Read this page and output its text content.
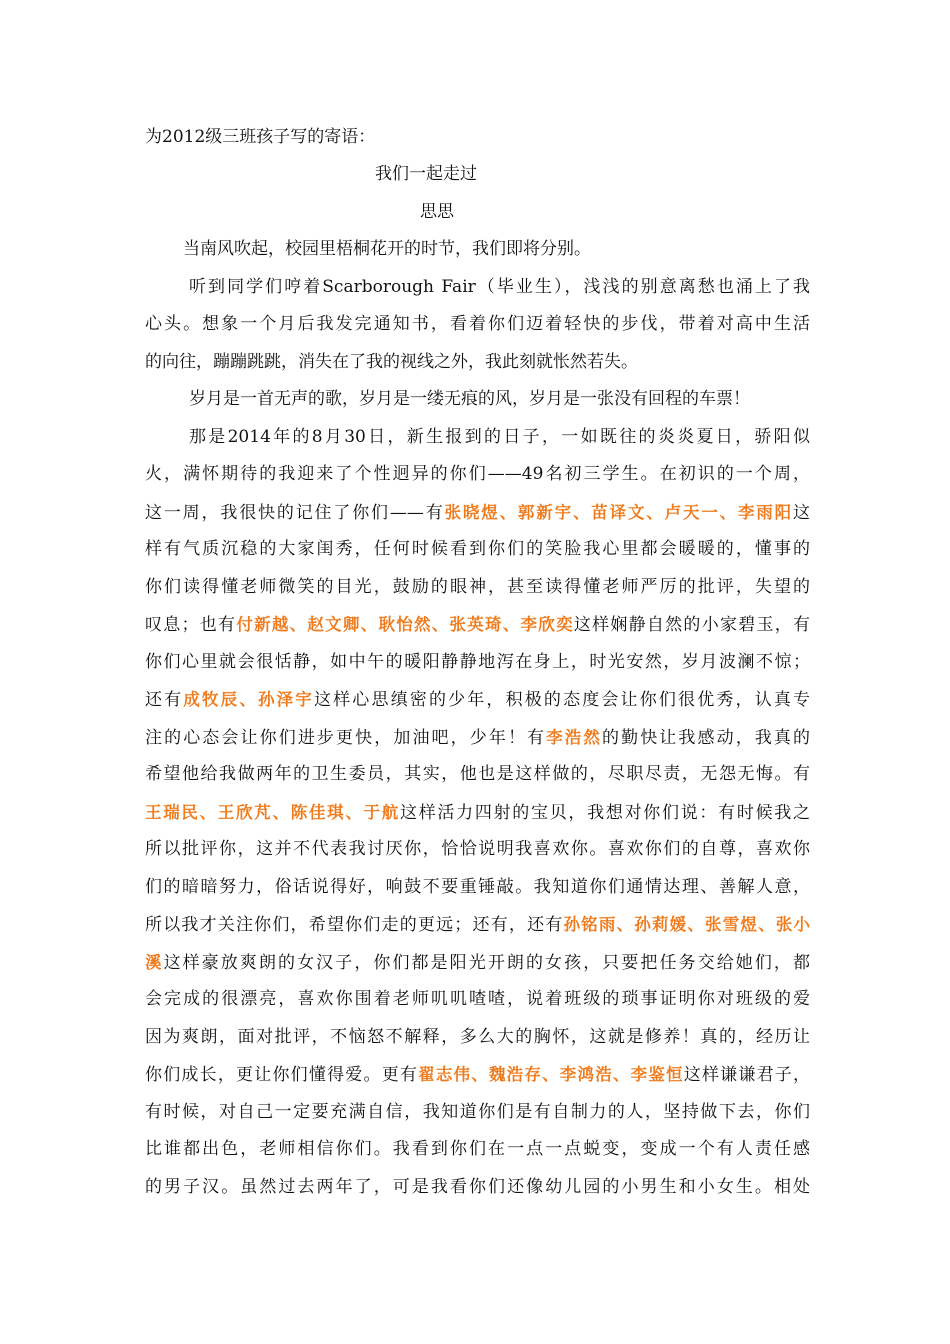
为2012级三班孩子写的寄语：
我们一起走过
思思
当南风吹起，校园里梧桐花开的时节，我们即将分别。
听到同学们哼着Scarborough Fair（毕业生），浅浅的别意离愁也涌上了我
心头。想象一个月后我发完通知书，看着你们迈着轻快的步伐，带着对高中生活
的向往，蹦蹦跳跳，消失在了我的视线之外，我此刻就怅然若失。
岁月是一首无声的歌，岁月是一缕无痕的风，岁月是一张没有回程的车票！
那是2014年的8月30日，新生报到的日子，一如既往的炎炎夏日，骄阳似
火，满怀期待的我迎来了个性迥异的你们——49名初三学生。在初识的一个周，
这一周，我很快的记住了你们——有张晓煜、郭新宇、苗译文、卢天一、李雨阳这
样有气质沉稳的大家闺秀，任何时候看到你们的笑脸我心里都会暖暖的，懂事的
你们读得懂老师微笑的目光，鼓励的眼神，甚至读得懂老师严厉的批评，失望的
叹息；也有付新越、赵文卿、耿怡然、张英琦、李欣奕这样娴静自然的小家碧玉，有
你们心里就会很恬静，如中午的暖阳静静地泻在身上，时光安然，岁月波澜不惊；
还有成牧辰、孙泽宇这样心思缜密的少年，积极的态度会让你们很优秀，认真专
注的心态会让你们进步更快，加油吧，少年！有李浩然的勤快让我感动，我真的
希望他给我做两年的卫生委员，其实，他也是这样做的，尽职尽责，无怨无悔。有
王瑞民、王欣芃、陈佳琪、于航这样活力四射的宝贝，我想对你们说：有时候我之
所以批评你，这并不代表我讨厌你，恰恰说明我喜欢你。喜欢你们的自尊，喜欢你
们的暗暗努力，俗话说得好，响鼓不要重锤敲。我知道你们通情达理、善解人意，
所以我才关注你们，希望你们走的更远；还有，还有孙铭雨、孙莉媛、张雪煜、张小
溪这样豪放爽朗的女汉子，你们都是阳光开朗的女孩，只要把任务交给她们，都
会完成的很漂亮，喜欢你围着老师叽叽喳喳，说着班级的琐事证明你对班级的爱
因为爽朗，面对批评，不恼怒不解释，多么大的胸怀，这就是修养！真的，经历让
你们成长，更让你们懂得爱。更有翟志伟、魏浩存、李鸿浩、李鉴恒这样谦谦君子，
有时候，对自己一定要充满自信，我知道你们是有自制力的人，坚持做下去，你们
比谁都出色，老师相信你们。我看到你们在一点一点蜕变，变成一个有人责任感
的男子汉。虽然过去两年了，可是我看你们还像幼儿园的小男生和小女生。相处
